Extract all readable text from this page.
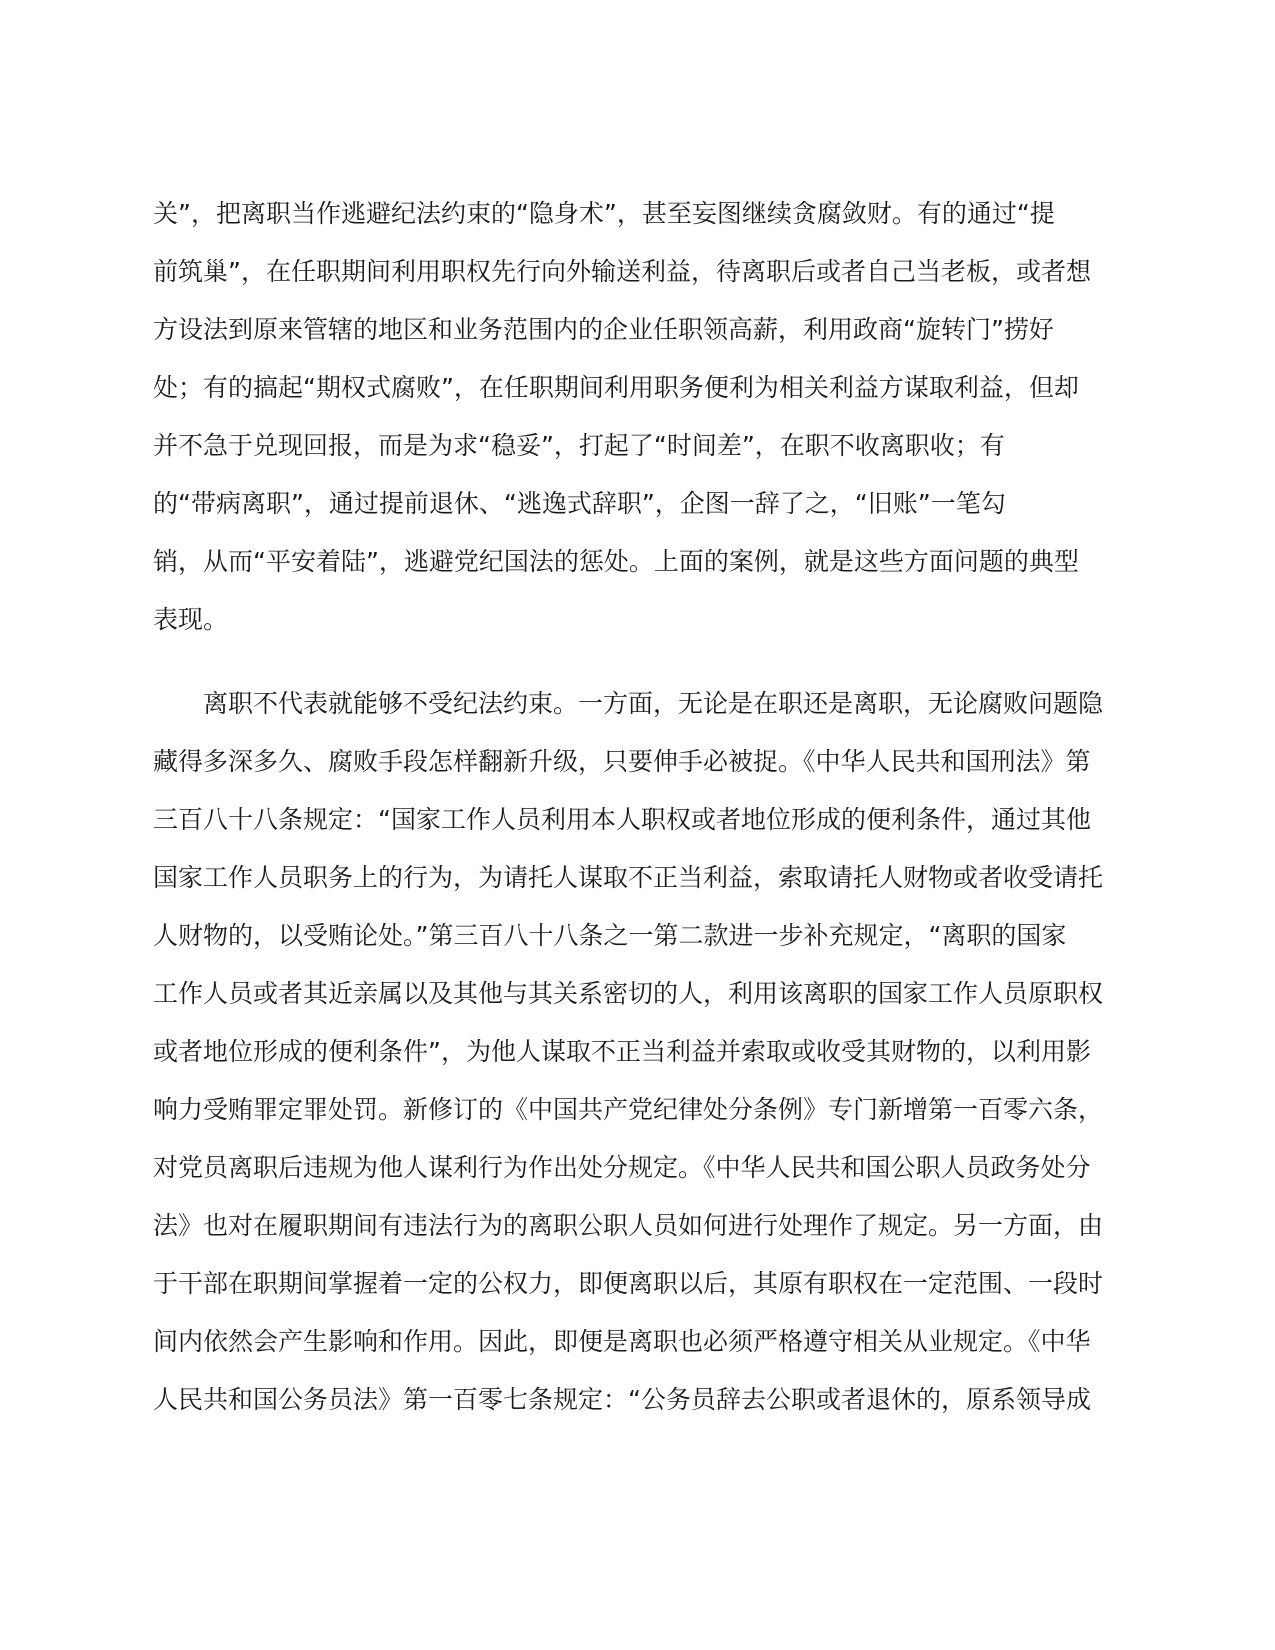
关”，把离职当作逃避纪法约束的“隐身术”，甚至妄图继续贪腐敛财。有的通过“提
前筑巢”，在任职期间利用职权先行向外输送利益，待离职后或者自己当老板，或者想
方设法到原来管辖的地区和业务范围内的企业任职领高薪，利用政商“旋转门”捞好
处；有的搞起“期权式腐败”，在任职期间利用职务便利为相关利益方谋取利益，但却
并不急于兑现回报，而是为求“稳妥”，打起了“时间差”，在职不收离职收；有
的“带病离职”，通过提前退休、“逃逸式辞职”，企图一辞了之，“旧账”一笔勾
销，从而“平安着陆”，逃避党纪国法的惩处。上面的案例，就是这些方面问题的典型
表现。
　　离职不代表就能够不受纪法约束。一方面，无论是在职还是离职，无论腐败问题隐
藏得多深多久、腐败手段怎样翻新升级，只要伸手必被捉。《中华人民共和国刑法》第
三百八十八条规定：“国家工作人员利用本人职权或者地位形成的便利条件，通过其他
国家工作人员职务上的行为，为请托人谋取不正当利益，索取请托人财物或者收受请托
人财物的，以受贿论处。”第三百八十八条之一第二款进一步补充规定，“离职的国家
工作人员或者其近亲属以及其他与其关系密切的人，利用该离职的国家工作人员原职权
或者地位形成的便利条件”，为他人谋取不正当利益并索取或收受其财物的，以利用影
响力受贿罪定罪处罚。新修订的《中国共产党纪律处分条例》专门新增第一百零六条，
对党员离职后违规为他人谋利行为作出处分规定。《中华人民共和国公职人员政务处分
法》也对在履职期间有违法行为的离职公职人员如何进行处理作了规定。另一方面，由
于干部在职期间掌握着一定的公权力，即便离职以后，其原有职权在一定范围、一段时
间内依然会产生影响和作用。因此，即便是离职也必须严格遵守相关从业规定。《中华
人民共和国公务员法》第一百零七条规定：“公务员辞去公职或者退休的，原系领导成
